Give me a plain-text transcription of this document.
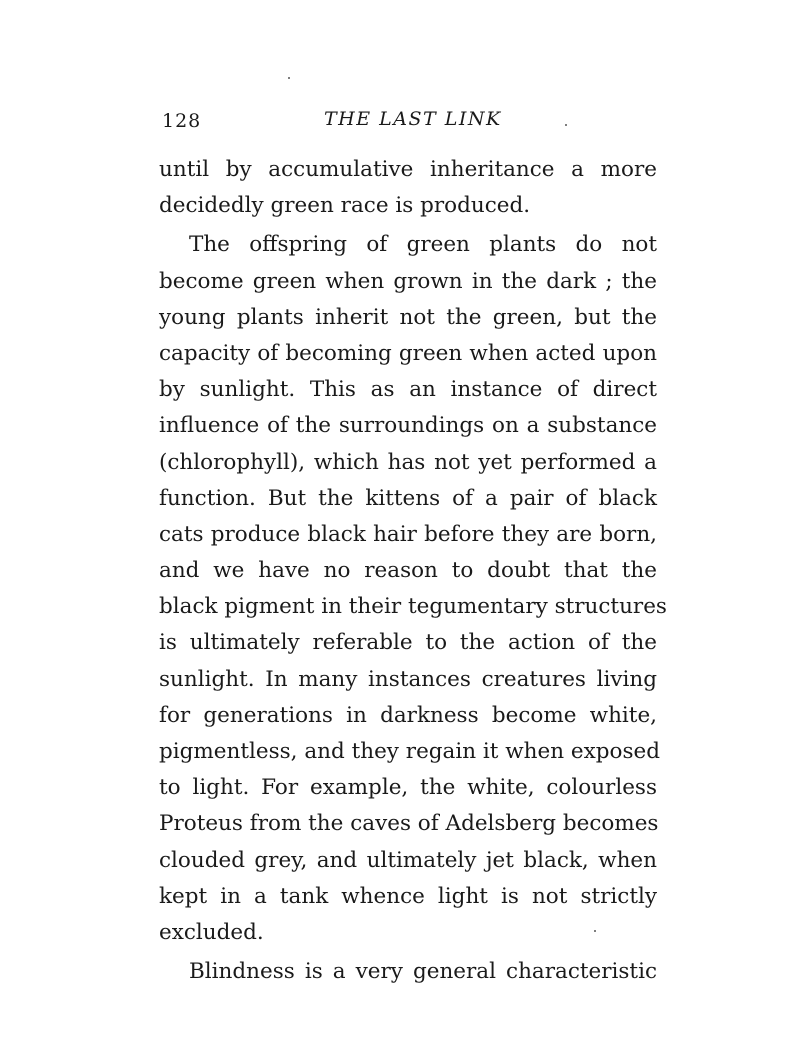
128	THE LAST LINK
until by accumulative inheritance a more
decidedly green race is produced.
The offspring of green plants do not
become green when grown in the dark ; the
young plants inherit not the green, but the
capacity of becoming green when acted upon
by sunlight. This as an instance of direct
influence of the surroundings on a substance
(chlorophyll), which has not yet performed a
function. But the kittens of a pair of black
cats produce black hair before they are born,
and we have no reason to doubt that the
black pigment in their tegumentary structures
is ultimately referable to the action of the
sunlight. In many instances creatures living
for generations in darkness become white,
pigmentless, and they regain it when exposed
to light. For example, the white, colourless
Proteus from the caves of Adelsberg becomes
clouded grey, and ultimately jet black, when
kept in a tank whence light is not strictly
excluded.
Blindness is a very general characteristic
